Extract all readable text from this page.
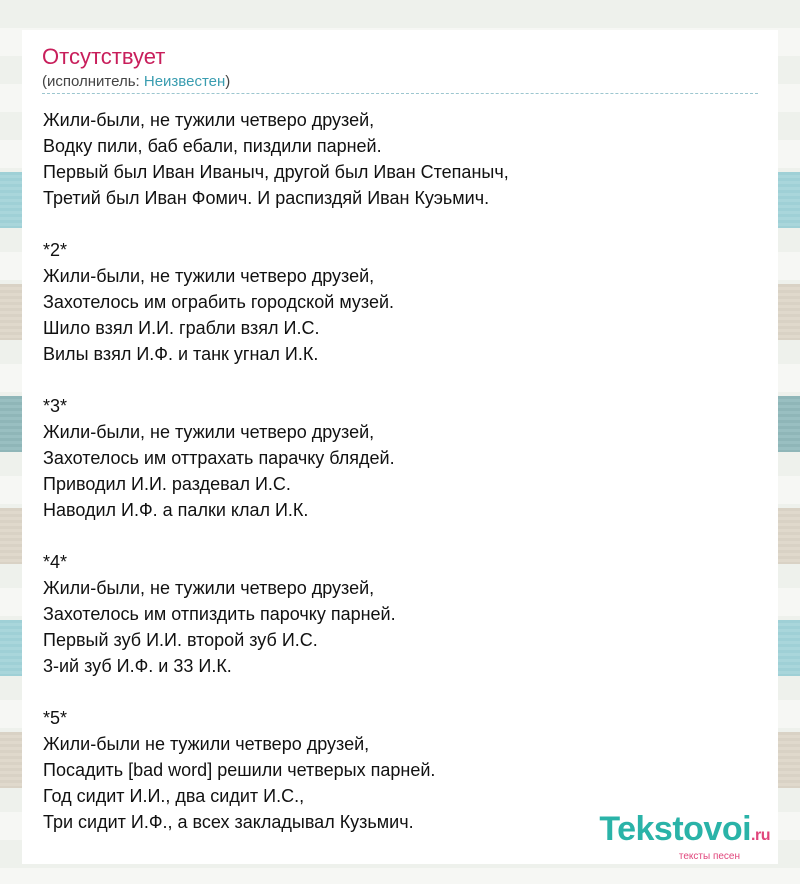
Отсутствует

(исполнитель: Неизвестен)

Жили-были, не тужили четверо друзей,
Водку пили, баб ебали, пиздили парней.
Первый был Иван Иваныч, другой был Иван Степаныч,
Третий был Иван Фомич. И распиздяй Иван Куэьмич.
*2*
Жили-были, не тужили четверо друзей,
Захотелось им ограбить городской музей.
Шило взял И.И. грабли взял И.С.
Вилы взял И.Ф. и танк угнал И.К.
*3*
Жили-были, не тужили четверо друзей,
Захотелось им оттрахать парачку блядей.
Приводил И.И. раздевал И.С.
Наводил И.Ф. а палки клал И.К.
*4*
Жили-были, не тужили четверо друзей,
Захотелось им отпиздить парочку парней.
Первый зуб И.И. второй зуб И.С.
3-ий зуб И.Ф. и 33 И.К.
*5*
Жили-были не тужили четверо друзей,
Посадить [bad word] решили четверых парней.
Год сидит И.И., два сидит И.С.,
Три сидит И.Ф., а всех закладывал Кузьмич.	Tekstovoi.ru
тексты песен
